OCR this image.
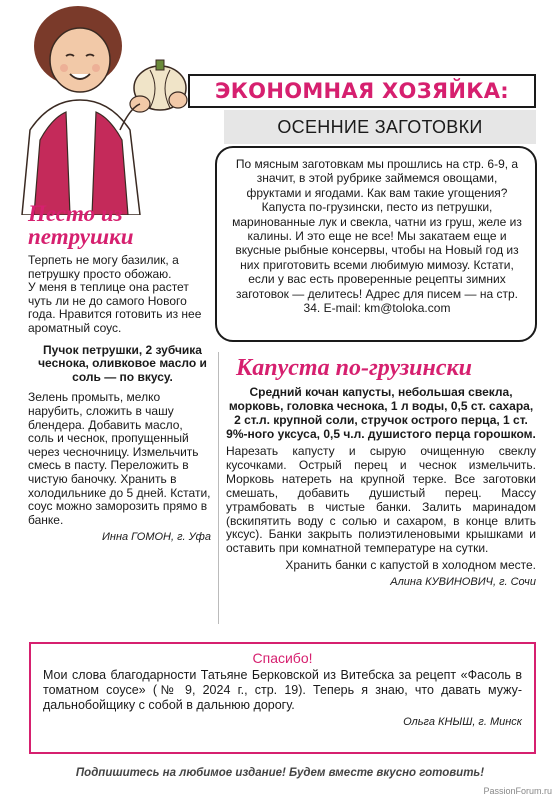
ЭКОНОМНАЯ ХОЗЯЙКА:
ОСЕННИЕ ЗАГОТОВКИ
По мясным заготовкам мы прошлись на стр. 6-9, а значит, в этой рубрике займемся овощами, фруктами и ягодами. Как вам такие угощения? Капуста по-грузински, песто из петрушки, маринованные лук и свекла, чатни из груш, желе из калины. И это еще не все! Мы закатаем еще и вкусные рыбные консервы, чтобы на Новый год из них приготовить всеми любимую мимозу. Кстати, если у вас есть проверенные рецепты зимних заготовок — делитесь! Адрес для писем — на стр. 34. E-mail: km@toloka.com
Песто из петрушки

Терпеть не могу базилик, а петрушку просто обожаю.

У меня в теплице она растет чуть ли не до самого Нового года. Нравится готовить из нее ароматный соус.

Пучок петрушки, 2 зубчика чеснока, оливковое масло и соль — по вкусу.
Зелень промыть, мелко нарубить, сложить в чашу блендера. Добавить масло, соль и чеснок, пропущенный через чесночницу. Измельчить смесь в пасту. Переложить в чистую баночку. Хранить в холодильнике до 5 дней. Кстати, соус можно заморозить прямо в банке.
Инна ГОМОН, г. Уфа
Капуста по-грузински
Средний кочан капусты, небольшая свекла, морковь, головка чеснока, 1 л воды, 0,5 ст. сахара, 2 ст.л. крупной соли, стручок острого перца, 1 ст. 9%-ного уксуса, 0,5 ч.л. душистого перца горошком.
Нарезать капусту и сырую очищенную свеклу кусочками. Острый перец и чеснок измельчить. Морковь натереть на крупной терке. Все заготовки смешать, добавить душистый перец. Массу утрамбовать в чистые банки. Залить маринадом (вскипятить воду с солью и сахаром, в конце влить уксус). Банки закрыть полиэтиленовыми крышками и оставить при комнатной температуре на сутки.
Хранить банки с капустой в холодном месте.
Алина КУВИНОВИЧ, г. Сочи
Спасибо!
Мои слова благодарности Татьяне Берковской из Витебска за рецепт «Фасоль в томатном соусе» (№ 9, 2024 г., стр. 19). Теперь я знаю, что давать мужу-дальнобойщику с собой в дальнюю дорогу.
Ольга КНЫШ, г. Минск
Подпишитесь на любимое издание! Будем вместе вкусно готовить!
PassionForum.ru
